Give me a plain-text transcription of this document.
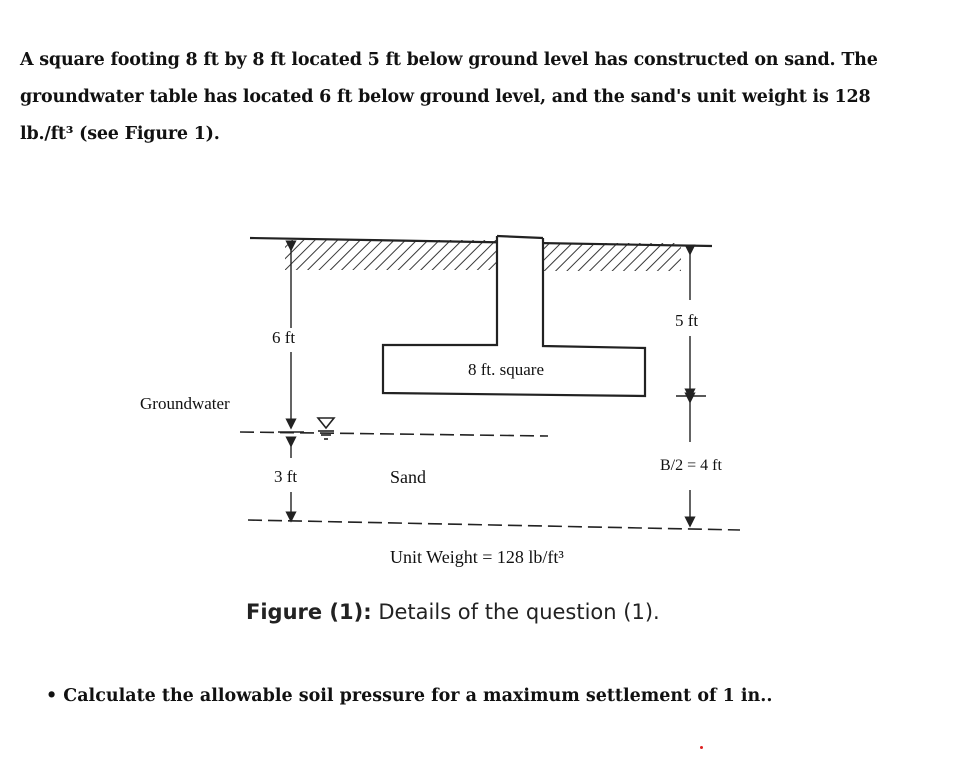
A square footing 8 ft by 8 ft located 5 ft below ground level has constructed on sand. The
groundwater table has located 6 ft below ground level, and the sand's unit weight is 128
lb./ft³ (see Figure 1).
6 ft
5 ft
8 ft. square
Groundwater
3 ft	Sand
B/2 = 4 ft
Unit Weight = 128 lb/ft³
Figure (1): Details of the question (1).
• Calculate the allowable soil pressure for a maximum settlement of 1 in..
